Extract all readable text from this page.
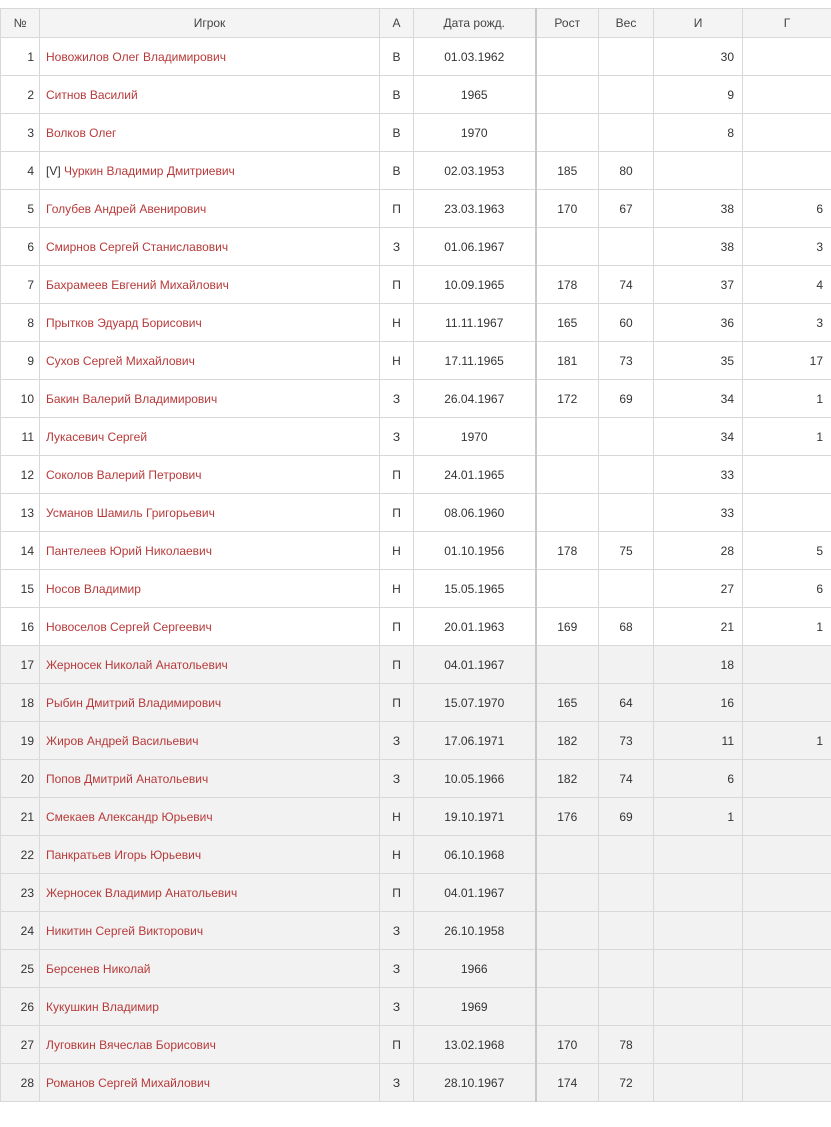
№	Игрок	А	Дата рожд.	Рост	Вес	И	Г
1	Новожилов Олег Владимирович	В	01.03.1962			30	
2	Ситнов Василий	В	1965			9	
3	Волков Олег	В	1970			8	
4	[V] Чуркин Владимир Дмитриевич	В	02.03.1953	185	80		
5	Голубев Андрей Авенирович	П	23.03.1963	170	67	38	6
6	Смирнов Сергей Станиславович	З	01.06.1967			38	3
7	Бахрамеев Евгений Михайлович	П	10.09.1965	178	74	37	4
8	Прытков Эдуард Борисович	Н	11.11.1967	165	60	36	3
9	Сухов Сергей Михайлович	Н	17.11.1965	181	73	35	17
10	Бакин Валерий Владимирович	З	26.04.1967	172	69	34	1
11	Лукасевич Сергей	З	1970			34	1
12	Соколов Валерий Петрович	П	24.01.1965			33	
13	Усманов Шамиль Григорьевич	П	08.06.1960			33	
14	Пантелеев Юрий Николаевич	Н	01.10.1956	178	75	28	5
15	Носов Владимир	Н	15.05.1965			27	6
16	Новоселов Сергей Сергеевич	П	20.01.1963	169	68	21	1
17	Жерносек Николай Анатольевич	П	04.01.1967			18	
18	Рыбин Дмитрий Владимирович	П	15.07.1970	165	64	16	
19	Жиров Андрей Васильевич	З	17.06.1971	182	73	11	1
20	Попов Дмитрий Анатольевич	З	10.05.1966	182	74	6	
21	Смекаев Александр Юрьевич	Н	19.10.1971	176	69	1	
22	Панкратьев Игорь Юрьевич	Н	06.10.1968				
23	Жерносек Владимир Анатольевич	П	04.01.1967				
24	Никитин Сергей Викторович	З	26.10.1958				
25	Берсенев Николай	З	1966				
26	Кукушкин Владимир	З	1969				
27	Луговкин Вячеслав Борисович	П	13.02.1968	170	78		
28	Романов Сергей Михайлович	З	28.10.1967	174	72		
